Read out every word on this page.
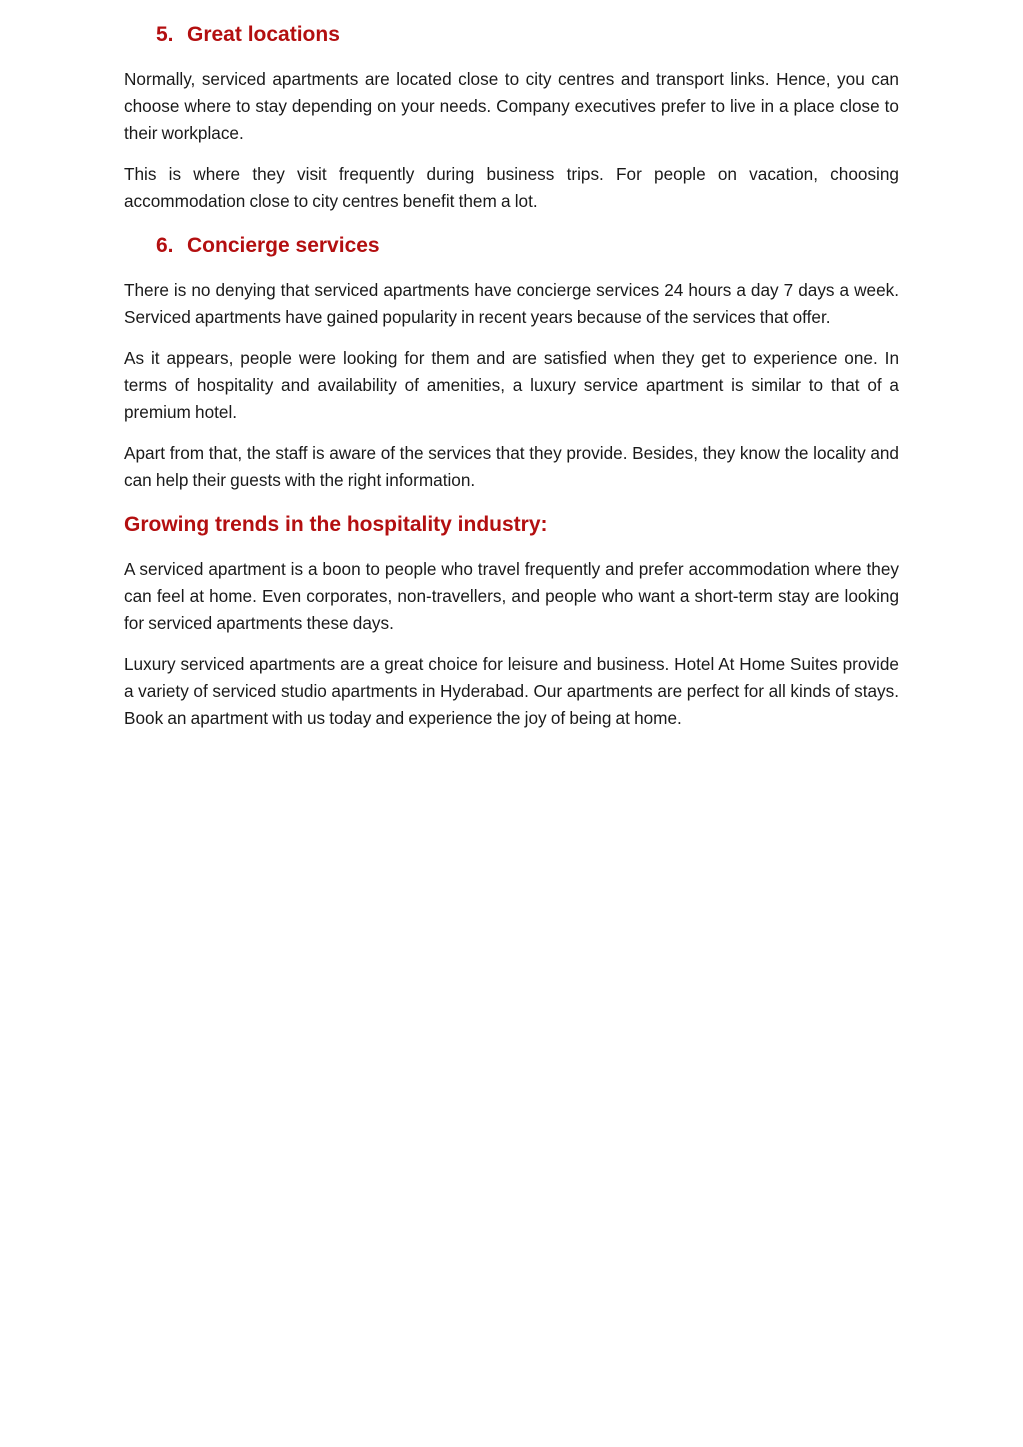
5. Great locations

Normally, serviced apartments are located close to city centres and transport links. Hence, you can choose where to stay depending on your needs. Company executives prefer to live in a place close to their workplace.

This is where they visit frequently during business trips. For people on vacation, choosing accommodation close to city centres benefit them a lot.

6. Concierge services

There is no denying that serviced apartments have concierge services 24 hours a day 7 days a week. Serviced apartments have gained popularity in recent years because of the services that offer.

As it appears, people were looking for them and are satisfied when they get to experience one. In terms of hospitality and availability of amenities, a luxury service apartment is similar to that of a premium hotel.

Apart from that, the staff is aware of the services that they provide. Besides, they know the locality and can help their guests with the right information.

Growing trends in the hospitality industry:

A serviced apartment is a boon to people who travel frequently and prefer accommodation where they can feel at home. Even corporates, non-travellers, and people who want a short-term stay are looking for serviced apartments these days.

Luxury serviced apartments are a great choice for leisure and business. Hotel At Home Suites provide a variety of serviced studio apartments in Hyderabad. Our apartments are perfect for all kinds of stays. Book an apartment with us today and experience the joy of being at home.
